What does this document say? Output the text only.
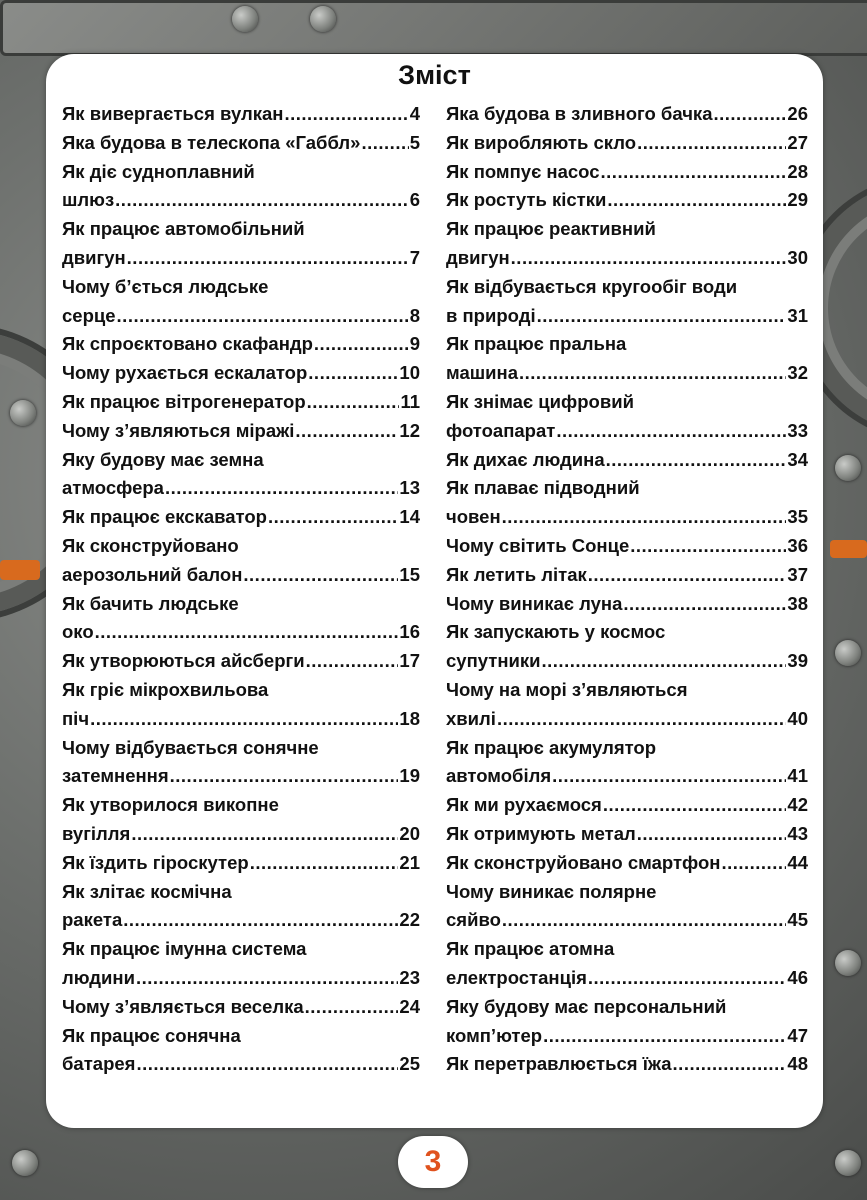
Зміст
Як вивергається вулкан .....	4
Яка будова в телескопа «Габбл» .....	5
Як діє судноплавний
шлюз .....	6
Як працює автомобільний
двигун .....	7
Чому б’ється людське
серце .....	8
Як спроєктовано скафандр .....	9
Чому рухається ескалатор .....	10
Як працює вітрогенератор .....	11
Чому з’являються міражі .....	12
Яку будову має земна
атмосфера .....	13
Як працює екскаватор .....	14
Як сконструйовано
аерозольний балон .....	15
Як бачить людське
око .....	16
Як утворюються айсберги .....	17
Як гріє мікрохвильова
піч .....	18
Чому відбувається сонячне
затемнення .....	19
Як утворилося викопне
вугілля .....	20
Як їздить гіроскутер .....	21
Як злітає космічна
ракета .....	22
Як працює імунна система
людини .....	23
Чому з’являється веселка .....	24
Як працює сонячна
батарея .....	25
Яка будова в зливного бачка .....	26
Як виробляють скло .....	27
Як помпує насос .....	28
Як ростуть кістки .....	29
Як працює реактивний
двигун .....	30
Як відбувається кругообіг води
в природі .....	31
Як працює пральна
машина .....	32
Як знімає цифровий
фотоапарат .....	33
Як дихає людина .....	34
Як плаває підводний
човен .....	35
Чому світить Сонце .....	36
Як летить літак .....	37
Чому виникає луна .....	38
Як запускають у космос
супутники .....	39
Чому на морі з’являються
хвилі .....	40
Як працює акумулятор
автомобіля .....	41
Як ми рухаємося .....	42
Як отримують метал .....	43
Як сконструйовано смартфон .....	44
Чому виникає полярне
сяйво .....	45
Як працює атомна
електростанція .....	46
Яку будову має персональний
комп’ютер .....	47
Як перетравлюється їжа .....	48
3
